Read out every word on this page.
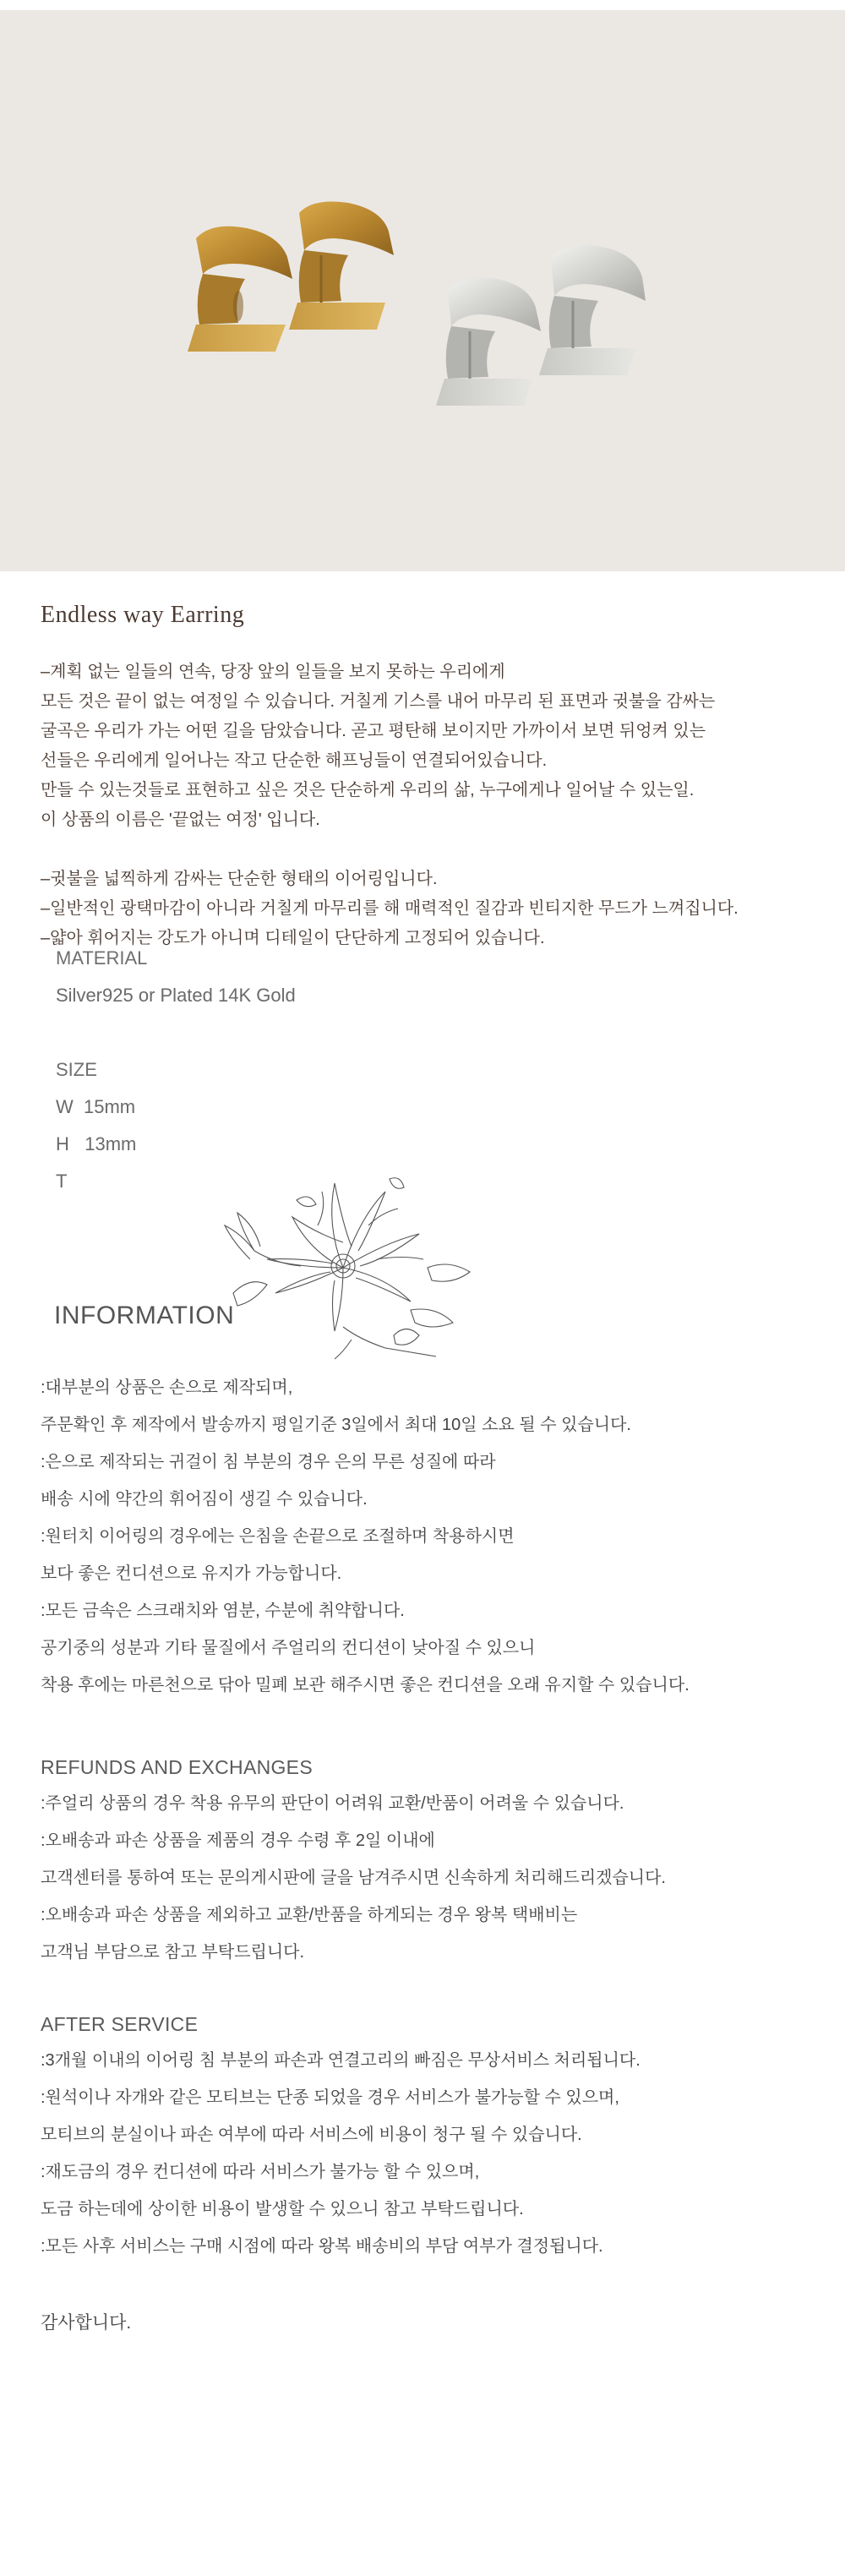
Endless way Earring
–계획 없는 일들의 연속, 당장 앞의 일들을 보지 못하는 우리에게
모든 것은 끝이 없는 여정일 수 있습니다. 거칠게 기스를 내어 마무리 된 표면과 귓불을 감싸는
굴곡은 우리가 가는 어떤 길을 담았습니다. 곧고 평탄해 보이지만 가까이서 보면 뒤엉켜 있는
선들은 우리에게 일어나는 작고 단순한 해프닝들이 연결되어있습니다.
만들 수 있는것들로 표현하고 싶은 것은 단순하게 우리의 삶, 누구에게나 일어날 수 있는일.
이 상품의 이름은 '끝없는 여정' 입니다.
–귓불을 넓찍하게 감싸는 단순한 형태의 이어링입니다.
–일반적인 광택마감이 아니라 거칠게 마무리를 해 매력적인 질감과 빈티지한 무드가 느껴집니다.
–얇아 휘어지는 강도가 아니며 디테일이 단단하게 고정되어 있습니다.
MATERIAL
Silver925 or Plated 14K Gold
SIZE
W  15mm
H   13mm
T
INFORMATION
:대부분의 상품은 손으로 제작되며,
주문확인 후 제작에서 발송까지 평일기준 3일에서 최대 10일 소요 될 수 있습니다.
:은으로 제작되는 귀걸이 침 부분의 경우 은의 무른 성질에 따라
배송 시에 약간의 휘어짐이 생길 수 있습니다.
:원터치 이어링의 경우에는 은침을 손끝으로 조절하며 착용하시면
보다 좋은 컨디션으로 유지가 가능합니다.
:모든 금속은 스크래치와 염분, 수분에 취약합니다.
공기중의 성분과 기타 물질에서 주얼리의 컨디션이 낮아질 수 있으니
착용 후에는 마른천으로 닦아 밀폐 보관 해주시면 좋은 컨디션을 오래 유지할 수 있습니다.
REFUNDS AND EXCHANGES
:주얼리 상품의 경우 착용 유무의 판단이 어려워 교환/반품이 어려울 수 있습니다.
:오배송과 파손 상품을 제품의 경우 수령 후 2일 이내에
고객센터를 통하여 또는 문의게시판에 글을 남겨주시면 신속하게 처리해드리겠습니다.
:오배송과 파손 상품을 제외하고 교환/반품을 하게되는 경우 왕복 택배비는
고객님 부담으로 참고 부탁드립니다.
AFTER SERVICE
:3개월 이내의 이어링 침 부분의 파손과 연결고리의 빠짐은 무상서비스 처리됩니다.
:원석이나 자개와 같은 모티브는 단종 되었을 경우 서비스가 불가능할 수 있으며,
모티브의 분실이나 파손 여부에 따라 서비스에 비용이 청구 될 수 있습니다.
:재도금의 경우 컨디션에 따라 서비스가 불가능 할 수 있으며,
도금 하는데에 상이한 비용이 발생할 수 있으니 참고 부탁드립니다.
:모든 사후 서비스는 구매 시점에 따라 왕복 배송비의 부담 여부가 결정됩니다.
감사합니다.
